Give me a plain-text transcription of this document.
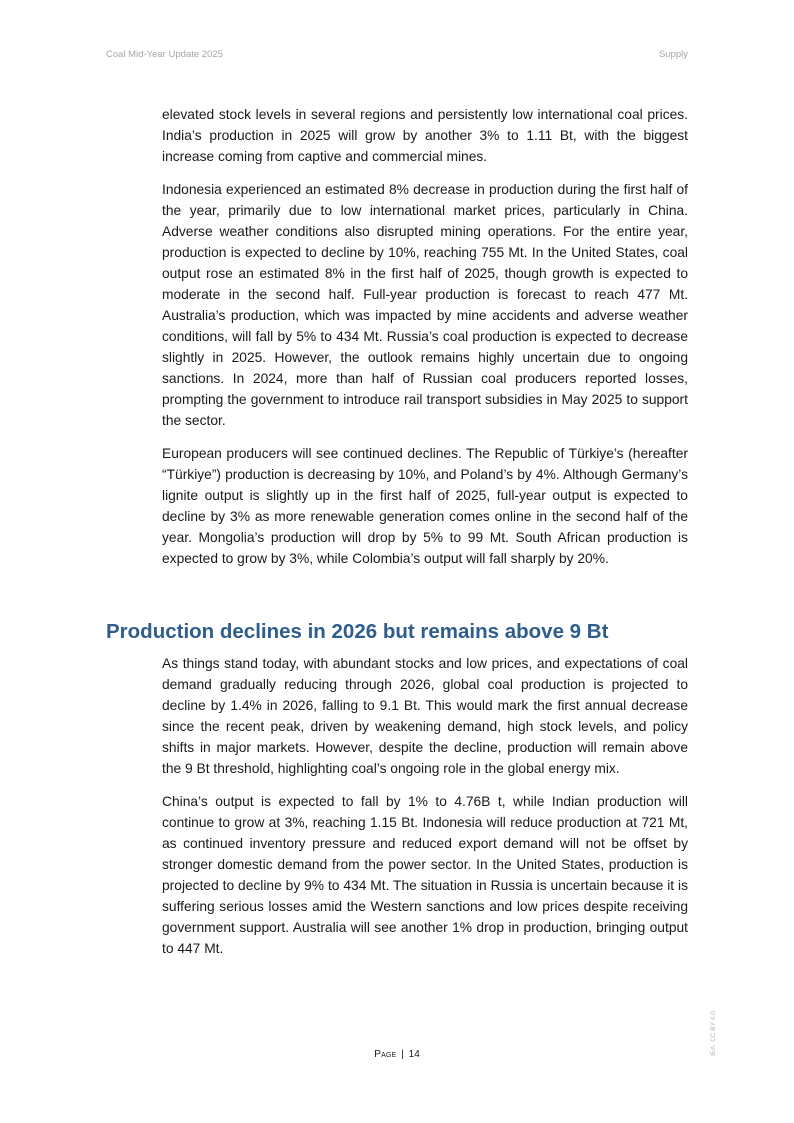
Coal Mid-Year Update 2025	Supply

elevated stock levels in several regions and persistently low international coal prices. India’s production in 2025 will grow by another 3% to 1.11 Bt, with the biggest increase coming from captive and commercial mines.

Indonesia experienced an estimated 8% decrease in production during the first half of the year, primarily due to low international market prices, particularly in China. Adverse weather conditions also disrupted mining operations. For the entire year, production is expected to decline by 10%, reaching 755 Mt. In the United States, coal output rose an estimated 8% in the first half of 2025, though growth is expected to moderate in the second half. Full-year production is forecast to reach 477 Mt. Australia’s production, which was impacted by mine accidents and adverse weather conditions, will fall by 5% to 434 Mt. Russia’s coal production is expected to decrease slightly in 2025. However, the outlook remains highly uncertain due to ongoing sanctions. In 2024, more than half of Russian coal producers reported losses, prompting the government to introduce rail transport subsidies in May 2025 to support the sector.

European producers will see continued declines. The Republic of Türkiye’s (hereafter “Türkiye”) production is decreasing by 10%, and Poland’s by 4%. Although Germany’s lignite output is slightly up in the first half of 2025, full-year output is expected to decline by 3% as more renewable generation comes online in the second half of the year. Mongolia’s production will drop by 5% to 99 Mt. South African production is expected to grow by 3%, while Colombia’s output will fall sharply by 20%.

Production declines in 2026 but remains above 9 Bt

As things stand today, with abundant stocks and low prices, and expectations of coal demand gradually reducing through 2026, global coal production is projected to decline by 1.4% in 2026, falling to 9.1 Bt. This would mark the first annual decrease since the recent peak, driven by weakening demand, high stock levels, and policy shifts in major markets. However, despite the decline, production will remain above the 9 Bt threshold, highlighting coal’s ongoing role in the global energy mix.

China’s output is expected to fall by 1% to 4.76B t, while Indian production will continue to grow at 3%, reaching 1.15 Bt. Indonesia will reduce production at 721 Mt, as continued inventory pressure and reduced export demand will not be offset by stronger domestic demand from the power sector. In the United States, production is projected to decline by 9% to 434 Mt. The situation in Russia is uncertain because it is suffering serious losses amid the Western sanctions and low prices despite receiving government support. Australia will see another 1% drop in production, bringing output to 447 Mt.

Page | 14	IEA. CC BY 4.0.
